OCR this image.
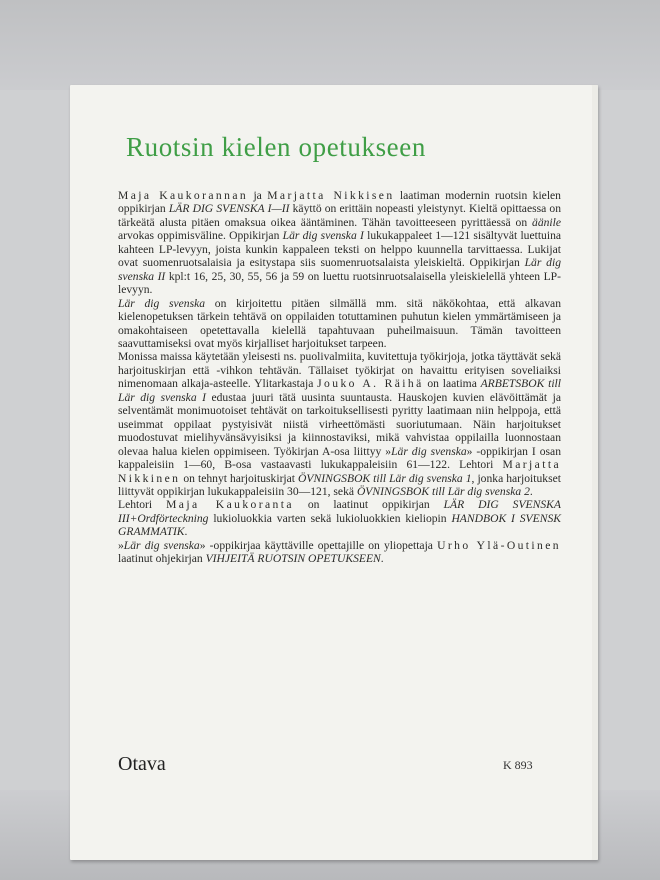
Ruotsin kielen opetukseen

Maja Kaukorannan ja Marjatta Nikkisen laatiman modernin ruotsin kielen oppikirjan LÄR DIG SVENSKA I—II käyttö on erittäin nopeasti yleistynyt. Kieltä opittaessa on tärkeätä alusta pitäen omaksua oikea ääntäminen. Tähän tavoitteeseen pyrittäessä on äänile arvokas oppimisväline. Oppikirjan Lär dig svenska I lukukappaleet 1—121 sisältyvät luettuina kahteen LP-levyyn, joista kunkin kappaleen teksti on helppo kuunnella tarvittaessa. Lukijat ovat suomenruotsalaisia ja esitystapa siis suomenruotsalaista yleiskieltä. Oppikirjan Lär dig svenska II kpl:t 16, 25, 30, 55, 56 ja 59 on luettu ruotsinruotsalaisella yleiskielellä yhteen LP-levyyn.

Lär dig svenska on kirjoitettu pitäen silmällä mm. sitä näkökohtaa, että alkavan kielenopetuksen tärkein tehtävä on oppilaiden totuttaminen puhutun kielen ymmärtämiseen ja omakohtaiseen opetettavalla kielellä tapahtuvaan puheilmaisuun. Tämän tavoitteen saavuttamiseksi ovat myös kirjalliset harjoitukset tarpeen.

Monissa maissa käytetään yleisesti ns. puolivalmiita, kuvitettuja työkirjoja, jotka täyttävät sekä harjoituskirjan että -vihkon tehtävän. Tällaiset työkirjat on havaittu erityisen soveliaiksi nimenomaan alkaja-asteelle. Ylitarkastaja Jouko A. Räihä on laatima ARBETSBOK till Lär dig svenska I edustaa juuri tätä uusinta suuntausta. Hauskojen kuvien elävöittämät ja selventämät monimuotoiset tehtävät on tarkoituksellisesti pyritty laatimaan niin helppoja, että useimmat oppilaat pystyisivät niistä virheettömästi suoriutumaan. Näin harjoitukset muodostuvat mielihyvänsävyisiksi ja kiinnostaviksi, mikä vahvistaa oppilailla luonnostaan olevaa halua kielen oppimiseen. Työkirjan A-osa liittyy »Lär dig svenska» -oppikirjan I osan kappaleisiin 1—60, B-osa vastaavasti lukukappaleisiin 61—122. Lehtori Marjatta Nikkinen on tehnyt harjoituskirjat ÖVNINGSBOK till Lär dig svenska 1, jonka harjoitukset liittyvät oppikirjan lukukappaleisiin 30—121, sekä ÖVNINGSBOK till Lär dig svenska 2.

Lehtori Maja Kaukoranta on laatinut oppikirjan LÄR DIG SVENSKA III+Ordförteckning lukioluokkia varten sekä lukioluokkien kieliopin HANDBOK I SVENSK GRAMMATIK.

»Lär dig svenska» -oppikirjaa käyttäville opettajille on yliopettaja Urho Ylä-Outinen laatinut ohjekirjan VIHJEITÄ RUOTSIN OPETUKSEEN.

Otava	K 893
